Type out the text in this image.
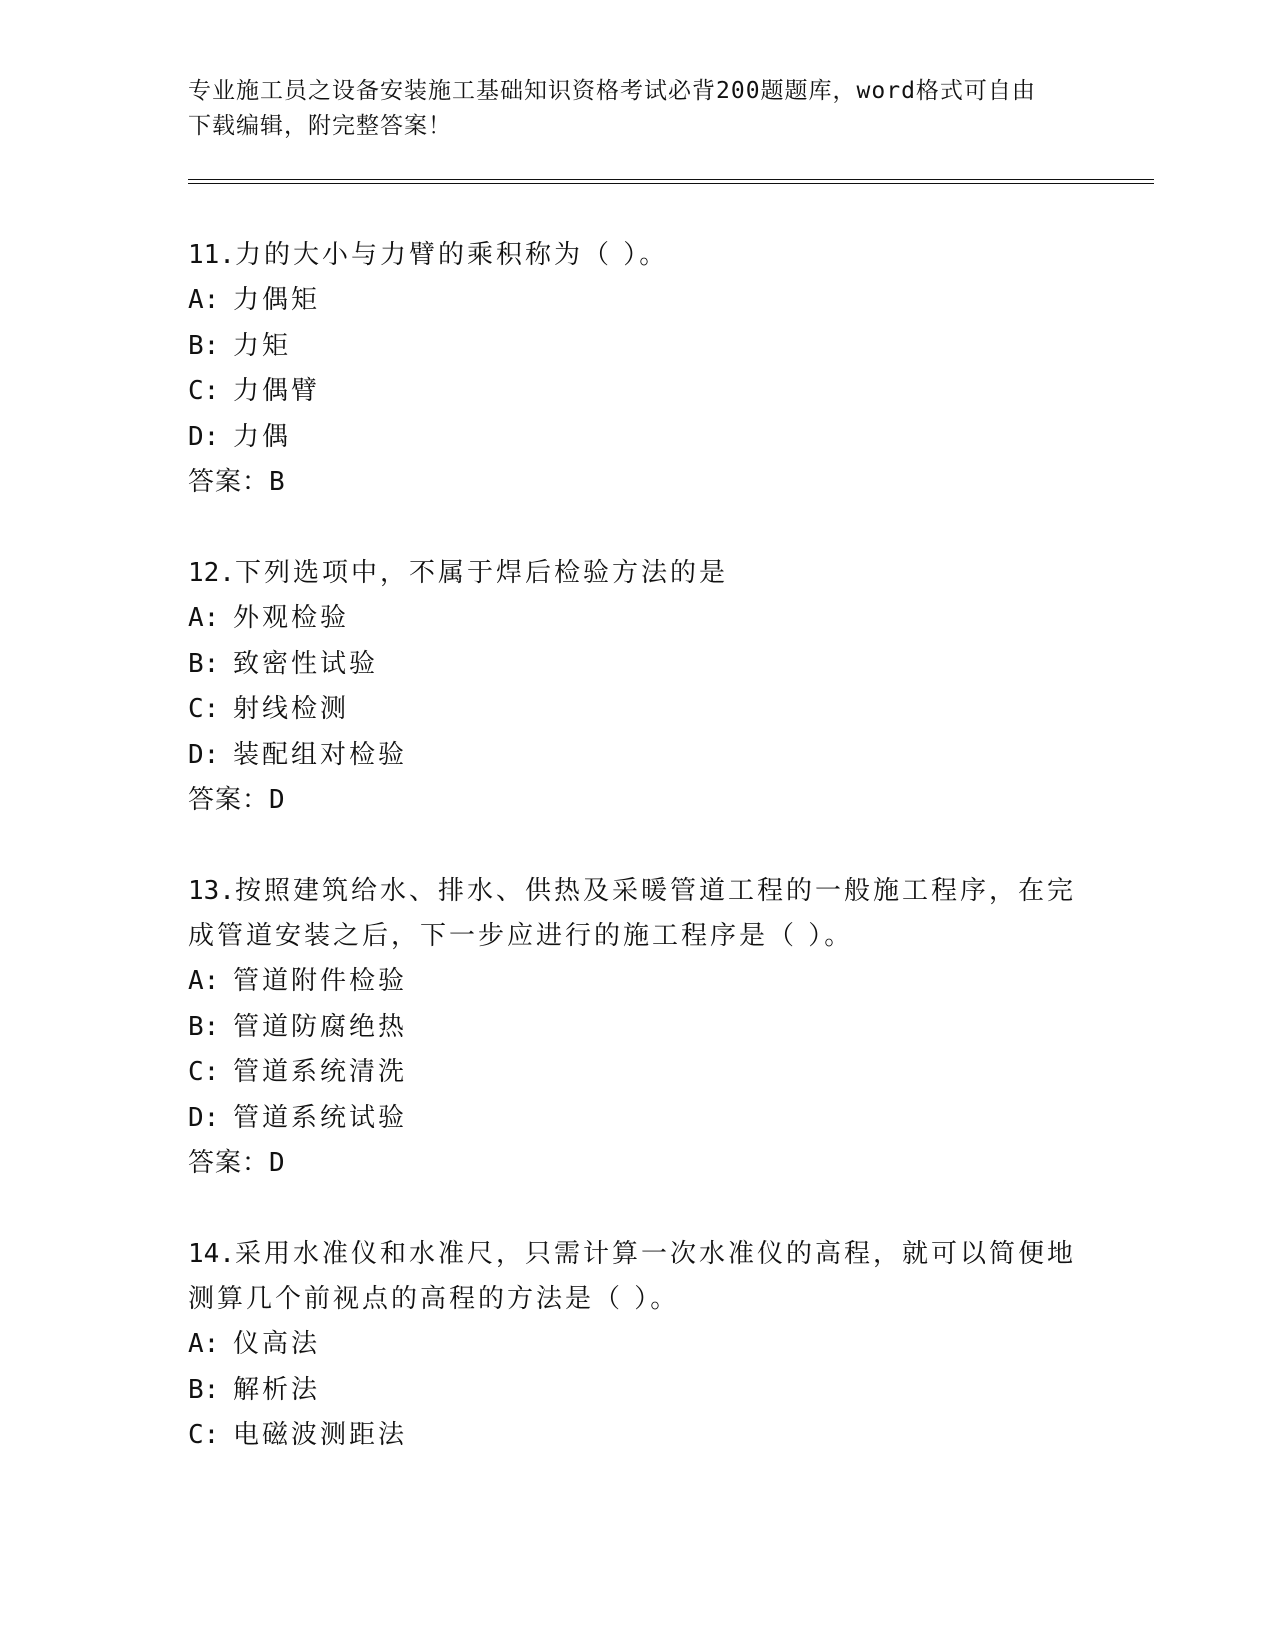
专业施工员之设备安装施工基础知识资格考试必背200题题库，word格式可自由
下载编辑，附完整答案！
11.力的大小与力臂的乘积称为（ ）。
A: 力偶矩
B: 力矩
C: 力偶臂
D: 力偶
答案：B
12.下列选项中，不属于焊后检验方法的是
A: 外观检验
B: 致密性试验
C: 射线检测
D: 装配组对检验
答案：D
13.按照建筑给水、排水、供热及采暖管道工程的一般施工程序，在完
成管道安装之后，下一步应进行的施工程序是（ ）。
A: 管道附件检验
B: 管道防腐绝热
C: 管道系统清洗
D: 管道系统试验
答案：D
14.采用水准仪和水准尺，只需计算一次水准仪的高程，就可以简便地
测算几个前视点的高程的方法是（ ）。
A: 仪高法
B: 解析法
C: 电磁波测距法
